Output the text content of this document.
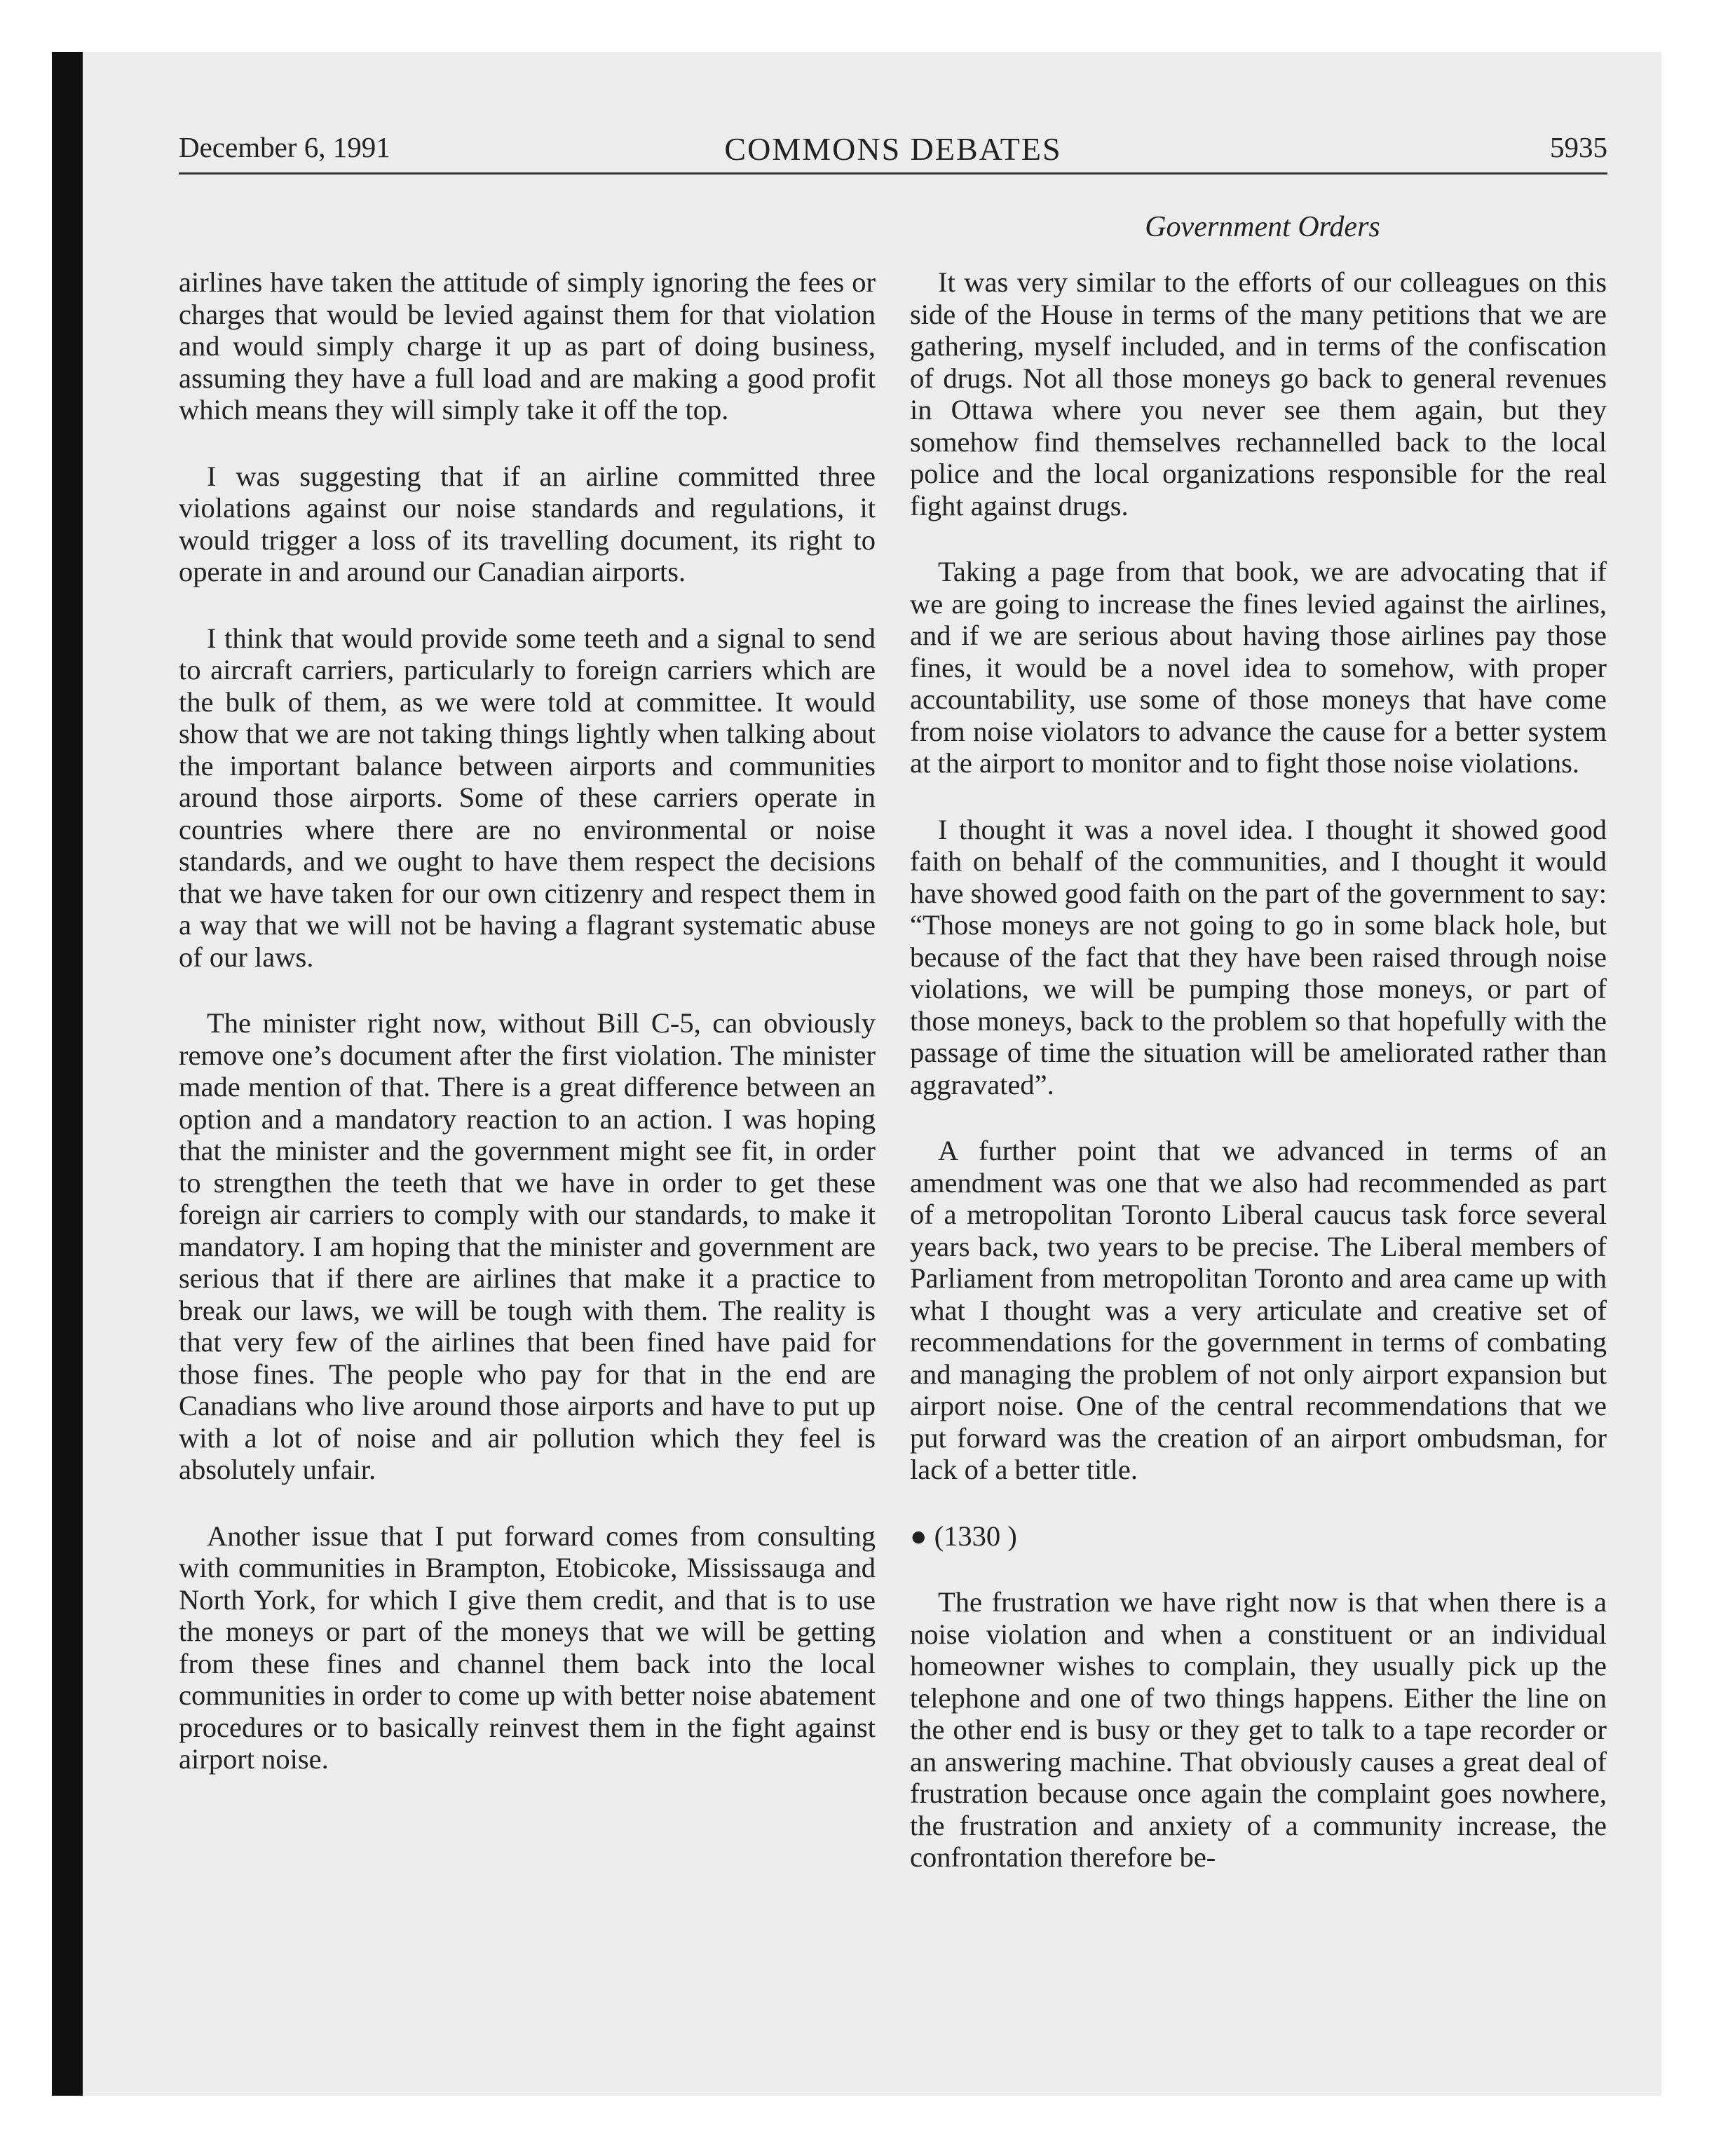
December 6, 1991	COMMONS DEBATES	5935
Government Orders

airlines have taken the attitude of simply ignoring the fees or charges that would be levied against them for that violation and would simply charge it up as part of doing business, assuming they have a full load and are making a good profit which means they will simply take it off the top.

I was suggesting that if an airline committed three violations against our noise standards and regulations, it would trigger a loss of its travelling document, its right to operate in and around our Canadian airports.

I think that would provide some teeth and a signal to send to aircraft carriers, particularly to foreign carriers which are the bulk of them, as we were told at committee. It would show that we are not taking things lightly when talking about the important balance between airports and communities around those airports. Some of these carriers operate in countries where there are no environmental or noise standards, and we ought to have them respect the decisions that we have taken for our own citizenry and respect them in a way that we will not be having a flagrant systematic abuse of our laws.

The minister right now, without Bill C-5, can obviously remove one’s document after the first violation. The minister made mention of that. There is a great difference between an option and a mandatory reaction to an action. I was hoping that the minister and the government might see fit, in order to strengthen the teeth that we have in order to get these foreign air carriers to comply with our standards, to make it mandatory. I am hoping that the minister and government are serious that if there are airlines that make it a practice to break our laws, we will be tough with them. The reality is that very few of the airlines that been fined have paid for those fines. The people who pay for that in the end are Canadians who live around those airports and have to put up with a lot of noise and air pollution which they feel is absolutely unfair.

Another issue that I put forward comes from consulting with communities in Brampton, Etobicoke, Mississauga and North York, for which I give them credit, and that is to use the moneys or part of the moneys that we will be getting from these fines and channel them back into the local communities in order to come up with better noise abatement procedures or to basically reinvest them in the fight against airport noise.

It was very similar to the efforts of our colleagues on this side of the House in terms of the many petitions that we are gathering, myself included, and in terms of the confiscation of drugs. Not all those moneys go back to general revenues in Ottawa where you never see them again, but they somehow find themselves rechannelled back to the local police and the local organizations responsible for the real fight against drugs.

Taking a page from that book, we are advocating that if we are going to increase the fines levied against the airlines, and if we are serious about having those airlines pay those fines, it would be a novel idea to somehow, with proper accountability, use some of those moneys that have come from noise violators to advance the cause for a better system at the airport to monitor and to fight those noise violations.

I thought it was a novel idea. I thought it showed good faith on behalf of the communities, and I thought it would have showed good faith on the part of the government to say: “Those moneys are not going to go in some black hole, but because of the fact that they have been raised through noise violations, we will be pumping those moneys, or part of those moneys, back to the problem so that hopefully with the passage of time the situation will be ameliorated rather than aggravated”.

A further point that we advanced in terms of an amendment was one that we also had recommended as part of a metropolitan Toronto Liberal caucus task force several years back, two years to be precise. The Liberal members of Parliament from metropolitan Toronto and area came up with what I thought was a very articulate and creative set of recommendations for the government in terms of combating and managing the problem of not only airport expansion but airport noise. One of the central recommendations that we put forward was the creation of an airport ombudsman, for lack of a better title.

● (1330 )

The frustration we have right now is that when there is a noise violation and when a constituent or an individual homeowner wishes to complain, they usually pick up the telephone and one of two things happens. Either the line on the other end is busy or they get to talk to a tape recorder or an answering machine. That obviously causes a great deal of frustration because once again the complaint goes nowhere, the frustration and anxiety of a community increase, the confrontation therefore be-
